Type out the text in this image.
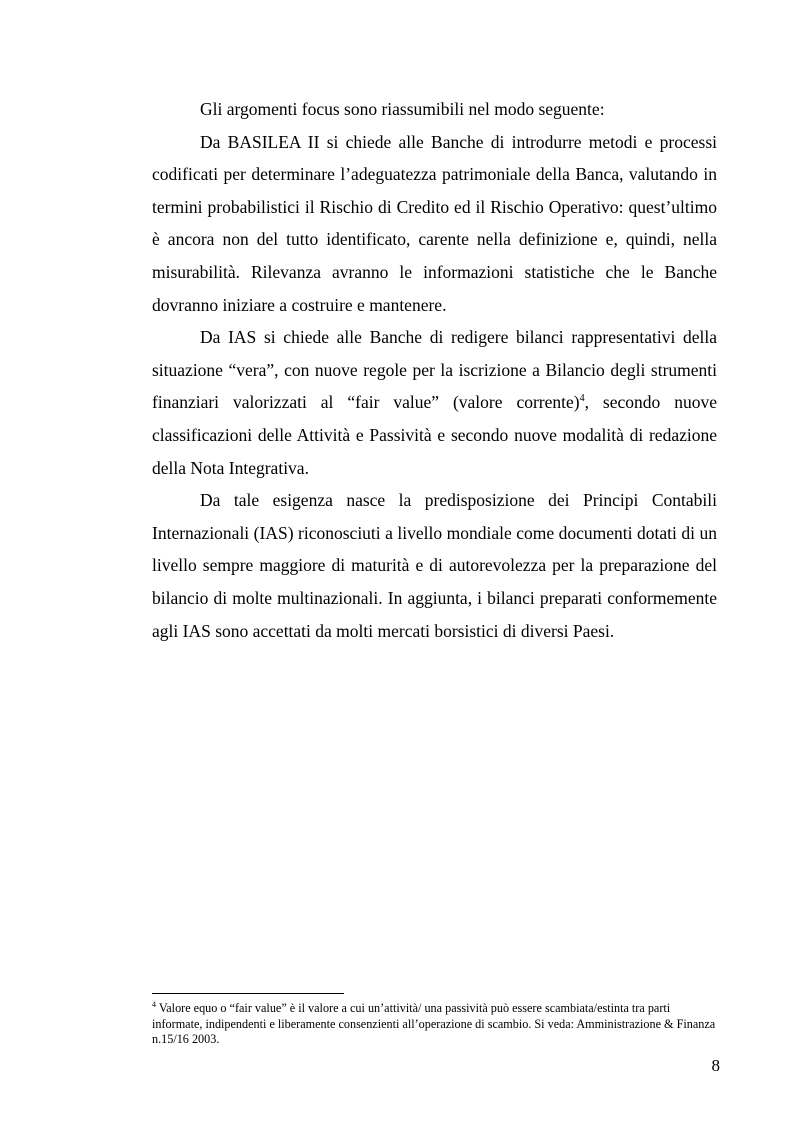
Gli argomenti focus sono riassumibili nel modo seguente:

Da BASILEA II si chiede alle Banche di introdurre metodi e processi codificati per determinare l’adeguatezza patrimoniale della Banca, valutando in termini probabilistici il Rischio di Credito ed il Rischio Operativo: quest’ultimo è ancora non del tutto identificato, carente nella definizione e, quindi, nella misurabilità. Rilevanza avranno le informazioni statistiche che le Banche dovranno iniziare a costruire e mantenere.

Da IAS si chiede alle Banche di redigere bilanci rappresentativi della situazione “vera”, con nuove regole per la iscrizione a Bilancio degli strumenti finanziari valorizzati al “fair value” (valore corrente)$^4$, secondo nuove classificazioni delle Attività e Passività e secondo nuove modalità di redazione della Nota Integrativa.

Da tale esigenza nasce la predisposizione dei Principi Contabili Internazionali (IAS) riconosciuti a livello mondiale come documenti dotati di un livello sempre maggiore di maturità e di autorevolezza per la preparazione del bilancio di molte multinazionali. In aggiunta, i bilanci preparati conformemente agli IAS sono accettati da molti mercati borsistici di diversi Paesi.

$^4$ Valore equo o “fair value” è il valore a cui un’attività/ una passività può essere scambiata/estinta tra parti informate, indipendenti e liberamente consenzienti all’operazione di scambio. Si veda: Amministrazione & Finanza n.15/16 2003.

8
